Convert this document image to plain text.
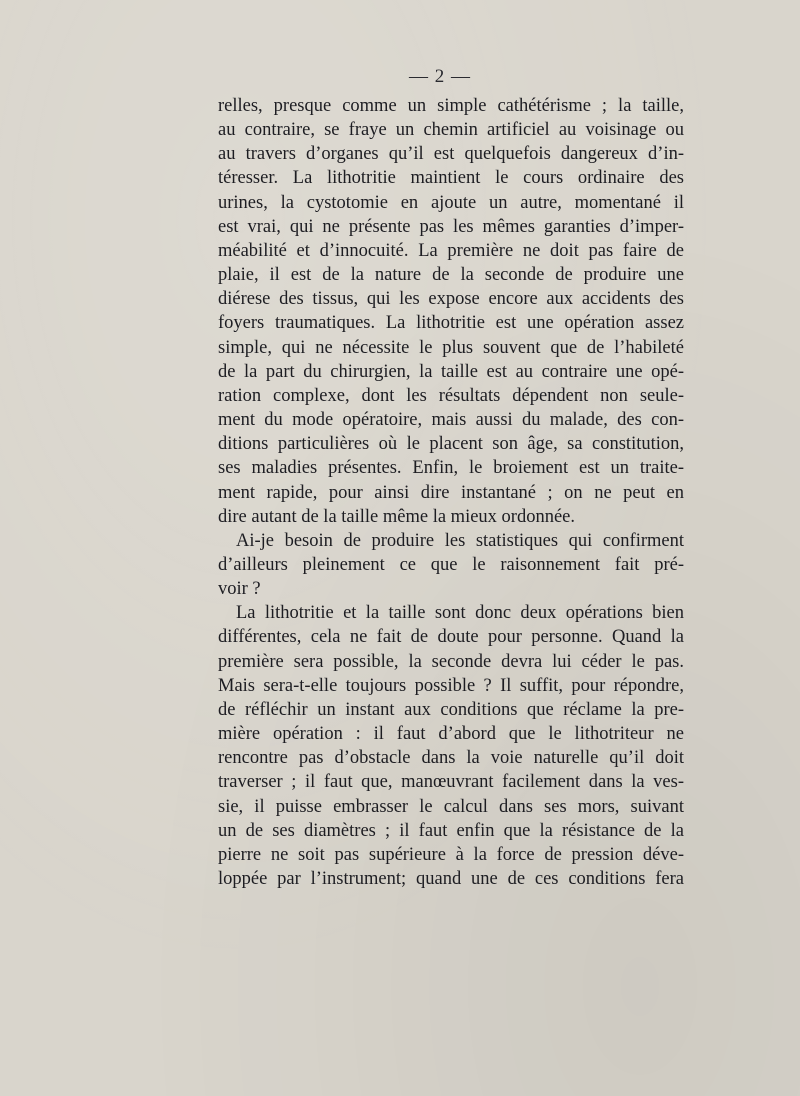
— 2 —
relles, presque comme un simple cathétérisme ; la taille,
au contraire, se fraye un chemin artificiel au voisinage ou
au travers d’organes qu’il est quelquefois dangereux d’in-
téresser. La lithotritie maintient le cours ordinaire des
urines, la cystotomie en ajoute un autre, momentané il
est vrai, qui ne présente pas les mêmes garanties d’imper-
méabilité et d’innocuité. La première ne doit pas faire de
plaie, il est de la nature de la seconde de produire une
diérese des tissus, qui les expose encore aux accidents des
foyers traumatiques. La lithotritie est une opération assez
simple, qui ne nécessite le plus souvent que de l’habileté
de la part du chirurgien, la taille est au contraire une opé-
ration complexe, dont les résultats dépendent non seule-
ment du mode opératoire, mais aussi du malade, des con-
ditions particulières où le placent son âge, sa constitution,
ses maladies présentes. Enfin, le broiement est un traite-
ment rapide, pour ainsi dire instantané ; on ne peut en
dire autant de la taille même la mieux ordonnée.
Ai-je besoin de produire les statistiques qui confirment
d’ailleurs pleinement ce que le raisonnement fait pré-
voir ?
La lithotritie et la taille sont donc deux opérations bien
différentes, cela ne fait de doute pour personne. Quand la
première sera possible, la seconde devra lui céder le pas.
Mais sera-t-elle toujours possible ? Il suffit, pour répondre,
de réfléchir un instant aux conditions que réclame la pre-
mière opération : il faut d’abord que le lithotriteur ne
rencontre pas d’obstacle dans la voie naturelle qu’il doit
traverser ; il faut que, manœuvrant facilement dans la ves-
sie, il puisse embrasser le calcul dans ses mors, suivant
un de ses diamètres ; il faut enfin que la résistance de la
pierre ne soit pas supérieure à la force de pression déve-
loppée par l’instrument; quand une de ces conditions fera
